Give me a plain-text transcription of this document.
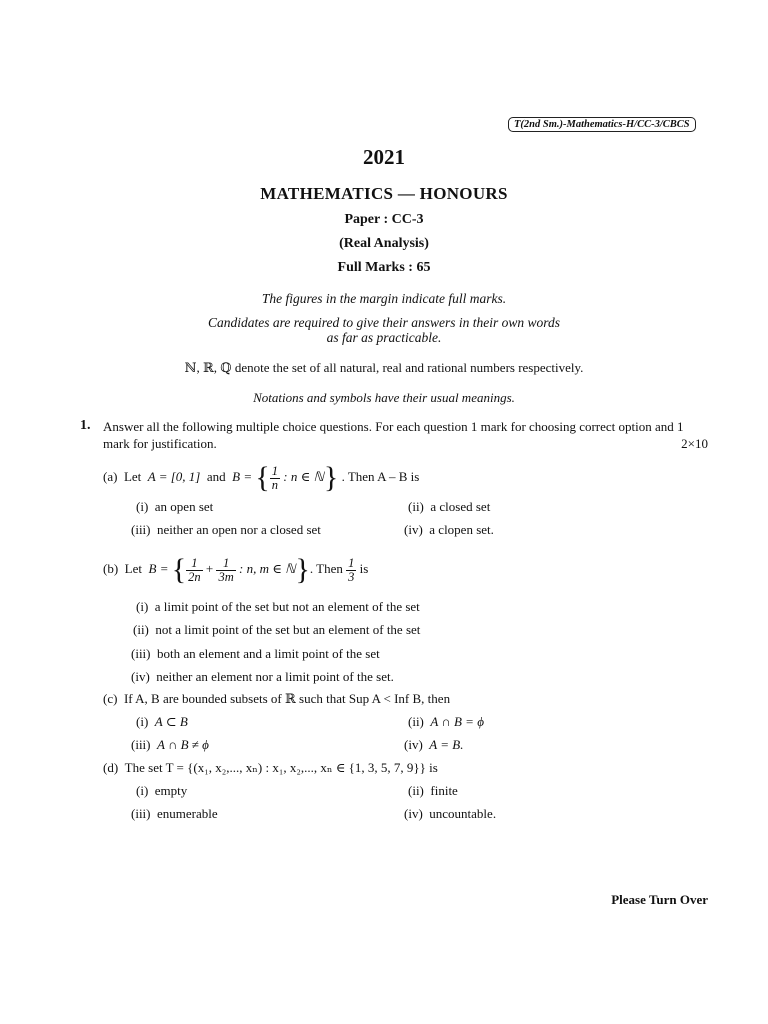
T(2nd Sm.)-Mathematics-H/CC-3/CBCS
2021
MATHEMATICS — HONOURS
Paper : CC-3
(Real Analysis)
Full Marks : 65
The figures in the margin indicate full marks.
Candidates are required to give their answers in their own words
as far as practicable.
ℕ, ℝ, ℚ denote the set of all natural, real and rational numbers respectively.
Notations and symbols have their usual meanings.
1. Answer all the following multiple choice questions. For each question 1 mark for choosing correct option and 1 mark for justification.	2×10
(a) Let A = [0, 1] and B = { $\frac{1}{n}$ : n ∈ ℕ} . Then A – B is
(i) an open set	(ii) a closed set
(iii) neither an open nor a closed set	(iv) a clopen set.
(b) Let B = { $\frac{1}{2n} + \frac{1}{3m}$ : n, m ∈ ℕ}. Then $\frac{1}{3}$ is
(i) a limit point of the set but not an element of the set
(ii) not a limit point of the set but an element of the set
(iii) both an element and a limit point of the set
(iv) neither an element nor a limit point of the set.
(c) If A, B are bounded subsets of ℝ such that Sup A < Inf B, then
(i) A ⊂ B	(ii) A ∩ B = ϕ
(iii) A ∩ B ≠ ϕ	(iv) A = B.
(d) The set T = {(x₁, x₂,..., xₙ) : x₁, x₂,..., xₙ ∈ {1, 3, 5, 7, 9}} is
(i) empty	(ii) finite
(iii) enumerable	(iv) uncountable.
Please Turn Over
